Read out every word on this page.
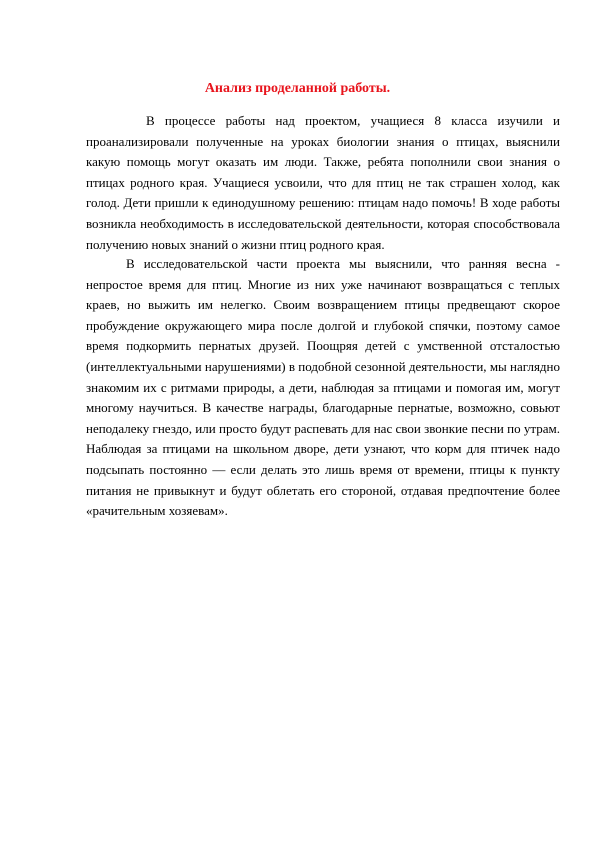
Анализ проделанной работы.

В процессе работы над проектом, учащиеся 8 класса изучили и проанализировали полученные на уроках биологии знания о птицах, выяснили какую помощь могут оказать им люди. Также, ребята пополнили свои знания о птицах родного края. Учащиеся усвоили, что для птиц не так страшен холод, как голод. Дети пришли к единодушному решению: птицам надо помочь! В ходе работы возникла необходимость в исследовательской деятельности, которая способствовала получению новых знаний о жизни птиц родного края.

В исследовательской части проекта мы выяснили, что ранняя весна - непростое время для птиц. Многие из них уже начинают возвращаться с теплых краев, но выжить им нелегко. Своим возвращением птицы предвещают скорое пробуждение окружающего мира после долгой и глубокой спячки, поэтому самое время подкормить пернатых друзей. Поощряя детей с умственной отсталостью (интеллектуальными нарушениями) в подобной сезонной деятельности, мы наглядно знакомим их с ритмами природы, а дети, наблюдая за птицами и помогая им, могут многому научиться. В качестве награды, благодарные пернатые, возможно, совьют неподалеку гнездо, или просто будут распевать для нас свои звонкие песни по утрам. Наблюдая за птицами на школьном дворе, дети узнают, что корм для птичек надо подсыпать постоянно — если делать это лишь время от времени, птицы к пункту питания не привыкнут и будут облетать его стороной, отдавая предпочтение более «рачительным хозяевам».
